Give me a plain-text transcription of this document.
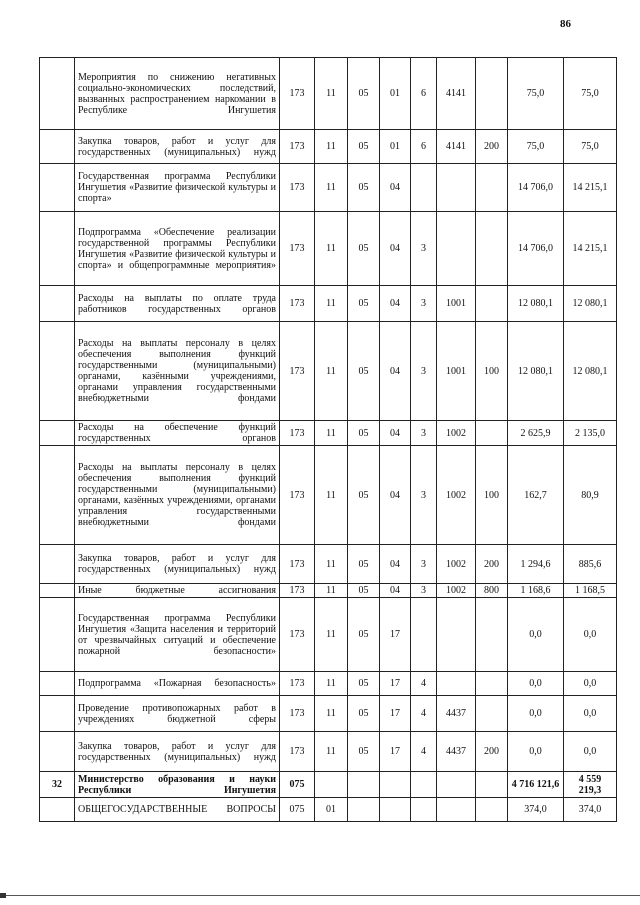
86
	Мероприятия по снижению негативных социально-экономических последствий, вызванных распространением наркомании в Республике Ингушетия	173	11	05	01	6	4141		75,0	75,0
	Закупка товаров, работ и услуг для государственных (муниципальных) нужд	173	11	05	01	6	4141	200	75,0	75,0
	Государственная программа Республики Ингушетия «Развитие физической культуры и спорта»	173	11	05	04				14 706,0	14 215,1
	Подпрограмма «Обеспечение реализации государственной программы Республики Ингушетия «Развитие физической культуры и спорта» и общепрограммные мероприятия»	173	11	05	04	3			14 706,0	14 215,1
	Расходы на выплаты по оплате труда работников государственных органов	173	11	05	04	3	1001		12 080,1	12 080,1
	Расходы на выплаты персоналу в целях обеспечения выполнения функций государственными (муниципальными) органами, казёнными учреждениями, органами управления государственными внебюджетными фондами	173	11	05	04	3	1001	100	12 080,1	12 080,1
	Расходы на обеспечение функций государственных органов	173	11	05	04	3	1002		2 625,9	2 135,0
	Расходы на выплаты персоналу в целях обеспечения выполнения функций государственными (муниципальными) органами, казённых учреждениями, органами управления государственными внебюджетными фондами	173	11	05	04	3	1002	100	162,7	80,9
	Закупка товаров, работ и услуг для государственных (муниципальных) нужд	173	11	05	04	3	1002	200	1 294,6	885,6
	Иные бюджетные ассигнования	173	11	05	04	3	1002	800	1 168,6	1 168,5
	Государственная программа Республики Ингушетия «Защита населения и территорий от чрезвычайных ситуаций и обеспечение пожарной безопасности»	173	11	05	17				0,0	0,0
	Подпрограмма «Пожарная безопасность»	173	11	05	17	4			0,0	0,0
	Проведение противопожарных работ в учреждениях бюджетной сферы	173	11	05	17	4	4437		0,0	0,0
	Закупка товаров, работ и услуг для государственных (муниципальных) нужд	173	11	05	17	4	4437	200	0,0	0,0
32	Министерство образования и науки Республики Ингушетия	075							4 716 121,6	4 559 219,3
	ОБЩЕГОСУДАРСТВЕННЫЕ ВОПРОСЫ	075	01						374,0	374,0
